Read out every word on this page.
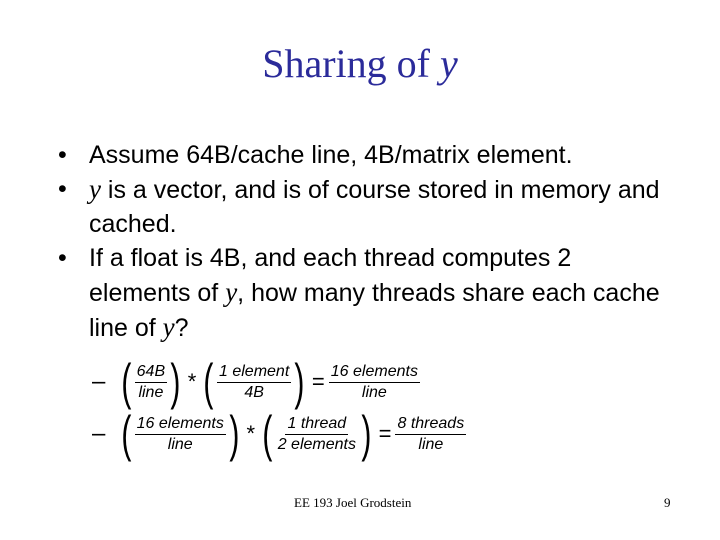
Sharing of y
• Assume 64B/cache line, 4B/matrix element.
• y is a vector, and is of course stored in memory and cached.
• If a float is 4B, and each thread computes 2 elements of y, how many threads share each cache line of y?
– ( $\frac{64B}{\text{line}}$ ) * ( $\frac{\text{1 element}}{4B}$ ) = $\frac{\text{16 elements}}{\text{line}}$
– ( $\frac{\text{16 elements}}{\text{line}}$ ) * ( $\frac{\text{1 thread}}{\text{2 elements}}$ ) = $\frac{\text{8 threads}}{\text{line}}$
EE 193 Joel Grodstein	9
